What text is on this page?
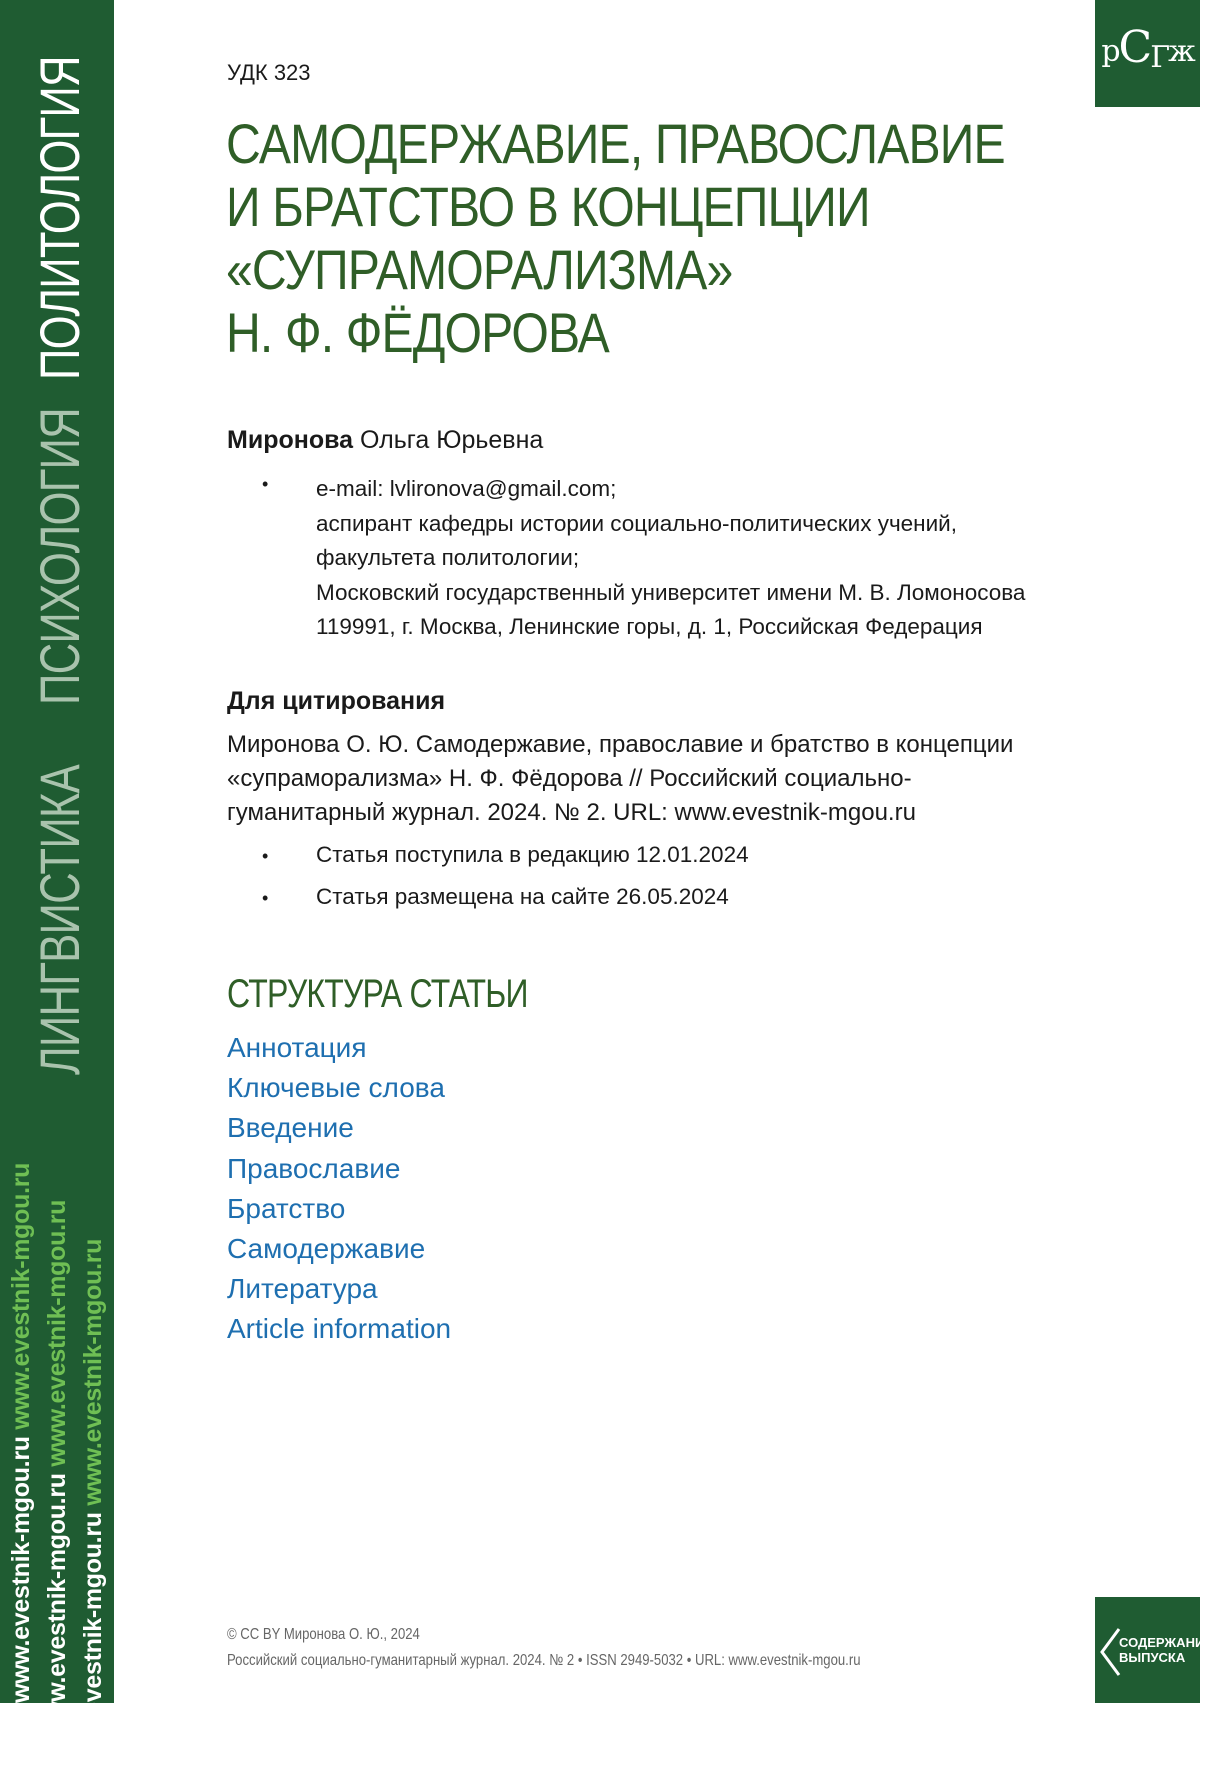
ЛИНГВИСТИКА
ПСИХОЛОГИЯ
ПОЛИТОЛОГИЯ
www.evestnik-mgou.ru www.evestnik-mgou.ru
www.evestnik-mgou.ru www.evestnik-mgou.ru
www.evestnik-mgou.ru www.evestnik-mgou.ru
р С Г ж
УДК 323
САМОДЕРЖАВИЕ, ПРАВОСЛАВИЕ
И БРАТСТВО В КОНЦЕПЦИИ
«СУПРАМОРАЛИЗМА»
Н. Ф. ФЁДОРОВА
Миронова Ольга Юрьевна
• e-mail: lvlironova@gmail.com;
аспирант кафедры истории социально-политических учений,
факультета политологии;
Московский государственный университет имени М. В. Ломоносова
119991, г. Москва, Ленинские горы, д. 1, Российская Федерация
Для цитирования
Миронова О. Ю. Самодержавие, православие и братство в концепции
«супраморализма» Н. Ф. Фёдорова // Российский социально-
гуманитарный журнал. 2024. № 2. URL: www.evestnik-mgou.ru
• Статья поступила в редакцию 12.01.2024
• Статья размещена на сайте 26.05.2024
СТРУКТУРА СТАТЬИ
Аннотация
Ключевые слова
Введение
Православие
Братство
Самодержавие
Литература
Article information
© CC BY Миронова О. Ю., 2024
Российский социально-гуманитарный журнал. 2024. № 2 • ISSN 2949-5032 • URL: www.evestnik-mgou.ru
СОДЕРЖАНИЕ
ВЫПУСКА
